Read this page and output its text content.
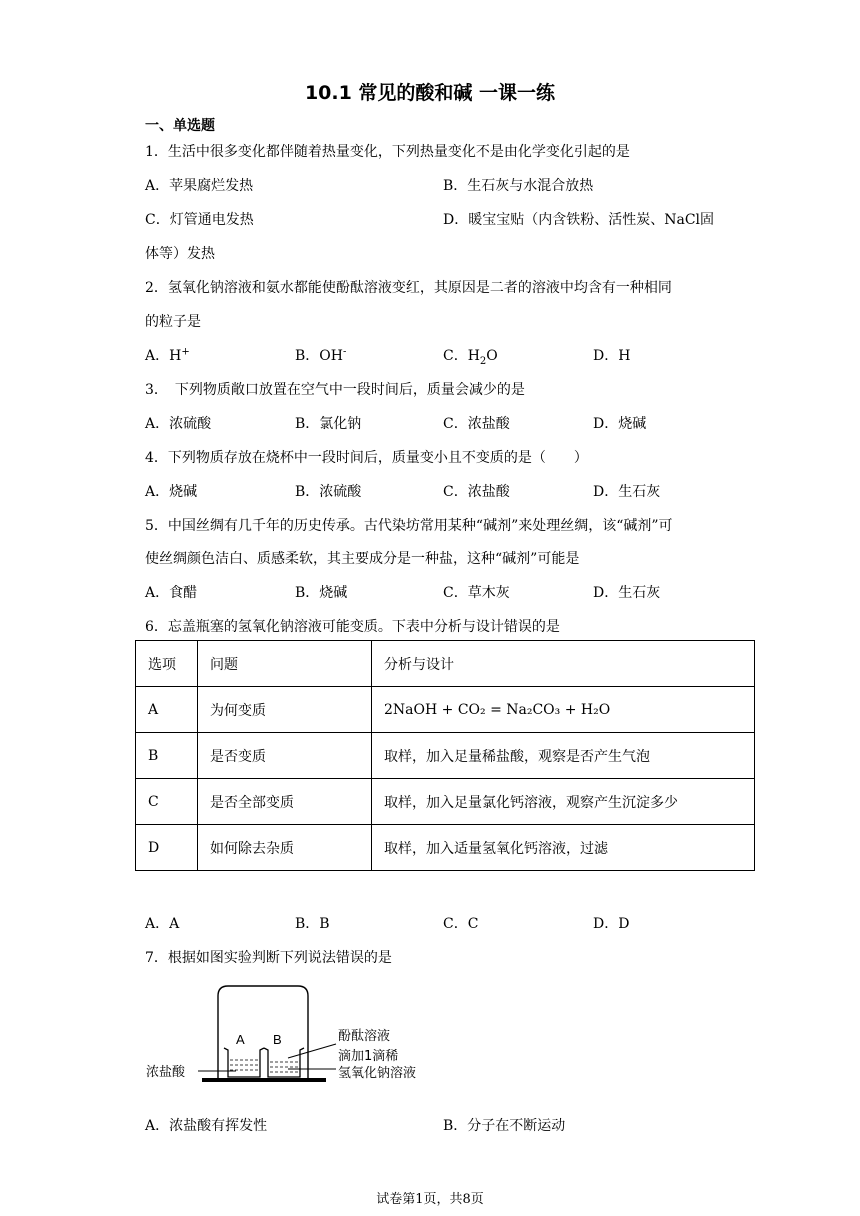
10.1 常见的酸和碱 一课一练
一、单选题
1．生活中很多变化都伴随着热量变化，下列热量变化不是由化学变化引起的是
A．苹果腐烂发热	B．生石灰与水混合放热
C．灯管通电发热	D．暖宝宝贴（内含铁粉、活性炭、NaCl固
体等）发热
2．氢氧化钠溶液和氨水都能使酚酞溶液变红，其原因是二者的溶液中均含有一种相同
的粒子是
A．H+	B．OH-	C．$H_2O$	D．H
3．　下列物质敞口放置在空气中一段时间后，质量会减少的是
A．浓硫酸	B．氯化钠	C．浓盐酸	D．烧碱
4．下列物质存放在烧杯中一段时间后，质量变小且不变质的是（　　）
A．烧碱	B．浓硫酸	C．浓盐酸	D．生石灰
5．中国丝绸有几千年的历史传承。古代染坊常用某种“碱剂”来处理丝绸，该“碱剂”可
使丝绸颜色洁白、质感柔软，其主要成分是一种盐，这种“碱剂”可能是
A．食醋	B．烧碱	C．草木灰	D．生石灰
6．忘盖瓶塞的氢氧化钠溶液可能变质。下表中分析与设计错误的是
选项	问题	分析与设计
A	为何变质	2NaOH + CO₂ = Na₂CO₃ + H₂O
B	是否变质	取样，加入足量稀盐酸，观察是否产生气泡
C	是否全部变质	取样，加入足量氯化钙溶液，观察产生沉淀多少
D	如何除去杂质	取样，加入适量氢氧化钙溶液，过滤
A．A	B．B	C．C	D．D
7．根据如图实验判断下列说法错误的是
A B
浓盐酸
酚酞溶液
滴加1滴稀
氢氧化钠溶液
A．浓盐酸有挥发性	B．分子在不断运动
试卷第1页，共8页
